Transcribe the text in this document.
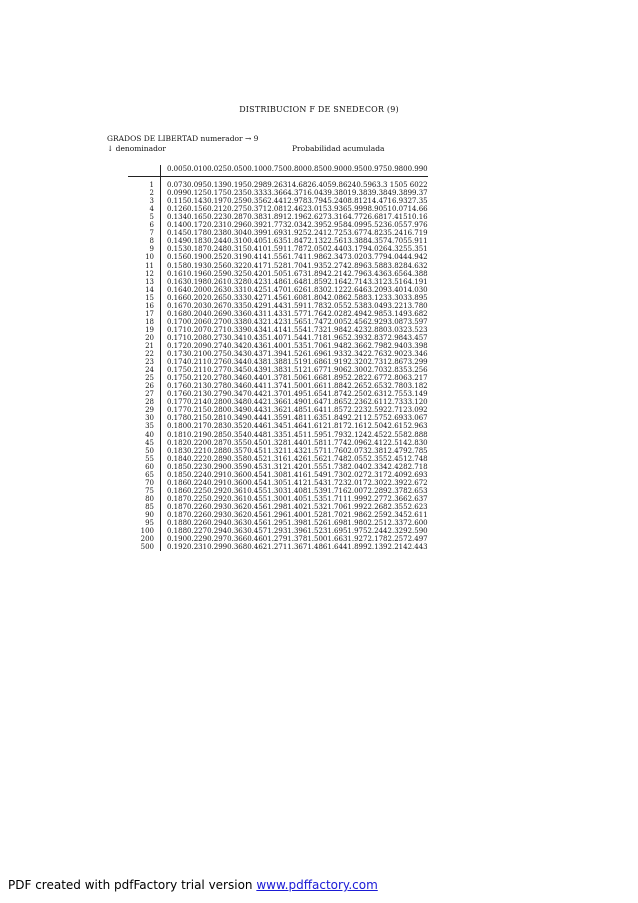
DISTRIBUCION F DE SNEDECOR (9)
GRADOS DE LIBERTAD numerador → 9
↓ denominador	Probabilidad acumulada
	0.005	0.010	0.025	0.050	0.100	0.750	0.800	0.850	0.900	0.950	0.975	0.980	0.990
1	0.073	0.095	0.139	0.195	0.298	9.263	14.68	26.40	59.86	240.5	963.3	1505	6022
2	0.099	0.125	0.175	0.235	0.333	3.366	4.371	6.043	9.380	19.38	39.38	49.38	99.37
3	0.115	0.143	0.197	0.259	0.356	2.441	2.978	3.794	5.240	8.812	14.47	16.93	27.35
4	0.126	0.156	0.212	0.275	0.371	2.081	2.462	3.015	3.936	5.999	8.905	10.07	14.66
5	0.134	0.165	0.223	0.287	0.383	1.891	2.196	2.627	3.316	4.772	6.681	7.415	10.16
6	0.140	0.172	0.231	0.296	0.392	1.773	2.034	2.395	2.958	4.099	5.523	6.055	7.976
7	0.145	0.178	0.238	0.304	0.399	1.693	1.925	2.241	2.725	3.677	4.823	5.241	6.719
8	0.149	0.183	0.244	0.310	0.405	1.635	1.847	2.132	2.561	3.388	4.357	4.705	5.911
9	0.153	0.187	0.248	0.315	0.410	1.591	1.787	2.050	2.440	3.179	4.026	4.325	5.351
10	0.156	0.190	0.252	0.319	0.414	1.556	1.741	1.986	2.347	3.020	3.779	4.044	4.942
11	0.158	0.193	0.256	0.322	0.417	1.528	1.704	1.935	2.274	2.896	3.588	3.828	4.632
12	0.161	0.196	0.259	0.325	0.420	1.505	1.673	1.894	2.214	2.796	3.436	3.656	4.388
13	0.163	0.198	0.261	0.328	0.423	1.486	1.648	1.859	2.164	2.714	3.312	3.516	4.191
14	0.164	0.200	0.263	0.331	0.425	1.470	1.626	1.830	2.122	2.646	3.209	3.401	4.030
15	0.166	0.202	0.265	0.333	0.427	1.456	1.608	1.804	2.086	2.588	3.123	3.303	3.895
16	0.167	0.203	0.267	0.335	0.429	1.443	1.591	1.783	2.055	2.538	3.049	3.221	3.780
17	0.168	0.204	0.269	0.336	0.431	1.433	1.577	1.764	2.028	2.494	2.985	3.149	3.682
18	0.170	0.206	0.270	0.338	0.432	1.423	1.565	1.747	2.005	2.456	2.929	3.087	3.597
19	0.171	0.207	0.271	0.339	0.434	1.414	1.554	1.732	1.984	2.423	2.880	3.032	3.523
20	0.171	0.208	0.273	0.341	0.435	1.407	1.544	1.718	1.965	2.393	2.837	2.984	3.457
21	0.172	0.209	0.274	0.342	0.436	1.400	1.535	1.706	1.948	2.366	2.798	2.940	3.398
22	0.173	0.210	0.275	0.343	0.437	1.394	1.526	1.696	1.933	2.342	2.763	2.902	3.346
23	0.174	0.211	0.276	0.344	0.438	1.388	1.519	1.686	1.919	2.320	2.731	2.867	3.299
24	0.175	0.211	0.277	0.345	0.439	1.383	1.512	1.677	1.906	2.300	2.703	2.835	3.256
25	0.175	0.212	0.278	0.346	0.440	1.378	1.506	1.668	1.895	2.282	2.677	2.806	3.217
26	0.176	0.213	0.278	0.346	0.441	1.374	1.500	1.661	1.884	2.265	2.653	2.780	3.182
27	0.176	0.213	0.279	0.347	0.442	1.370	1.495	1.654	1.874	2.250	2.631	2.755	3.149
28	0.177	0.214	0.280	0.348	0.442	1.366	1.490	1.647	1.865	2.236	2.611	2.733	3.120
29	0.177	0.215	0.280	0.349	0.443	1.362	1.485	1.641	1.857	2.223	2.592	2.712	3.092
30	0.178	0.215	0.281	0.349	0.444	1.359	1.481	1.635	1.849	2.211	2.575	2.693	3.067
35	0.180	0.217	0.283	0.352	0.446	1.345	1.464	1.612	1.817	2.161	2.504	2.615	2.963
40	0.181	0.219	0.285	0.354	0.448	1.335	1.451	1.595	1.793	2.124	2.452	2.558	2.888
45	0.182	0.220	0.287	0.355	0.450	1.328	1.440	1.581	1.774	2.096	2.412	2.514	2.830
50	0.183	0.221	0.288	0.357	0.451	1.321	1.432	1.571	1.760	2.073	2.381	2.479	2.785
55	0.184	0.222	0.289	0.358	0.452	1.316	1.426	1.562	1.748	2.055	2.355	2.451	2.748
60	0.185	0.223	0.290	0.359	0.453	1.312	1.420	1.555	1.738	2.040	2.334	2.428	2.718
65	0.185	0.224	0.291	0.360	0.454	1.308	1.416	1.549	1.730	2.027	2.317	2.409	2.693
70	0.186	0.224	0.291	0.360	0.454	1.305	1.412	1.543	1.723	2.017	2.302	2.392	2.672
75	0.186	0.225	0.292	0.361	0.455	1.303	1.408	1.539	1.716	2.007	2.289	2.378	2.653
80	0.187	0.225	0.292	0.361	0.455	1.300	1.405	1.535	1.711	1.999	2.277	2.366	2.637
85	0.187	0.226	0.293	0.362	0.456	1.298	1.402	1.532	1.706	1.992	2.268	2.355	2.623
90	0.187	0.226	0.293	0.362	0.456	1.296	1.400	1.528	1.702	1.986	2.259	2.345	2.611
95	0.188	0.226	0.294	0.363	0.456	1.295	1.398	1.526	1.698	1.980	2.251	2.337	2.600
100	0.188	0.227	0.294	0.363	0.457	1.293	1.396	1.523	1.695	1.975	2.244	2.329	2.590
200	0.190	0.229	0.297	0.366	0.460	1.279	1.378	1.500	1.663	1.927	2.178	2.257	2.497
500	0.192	0.231	0.299	0.368	0.462	1.271	1.367	1.486	1.644	1.899	2.139	2.214	2.443
PDF created with pdfFactory trial version www.pdffactory.com
